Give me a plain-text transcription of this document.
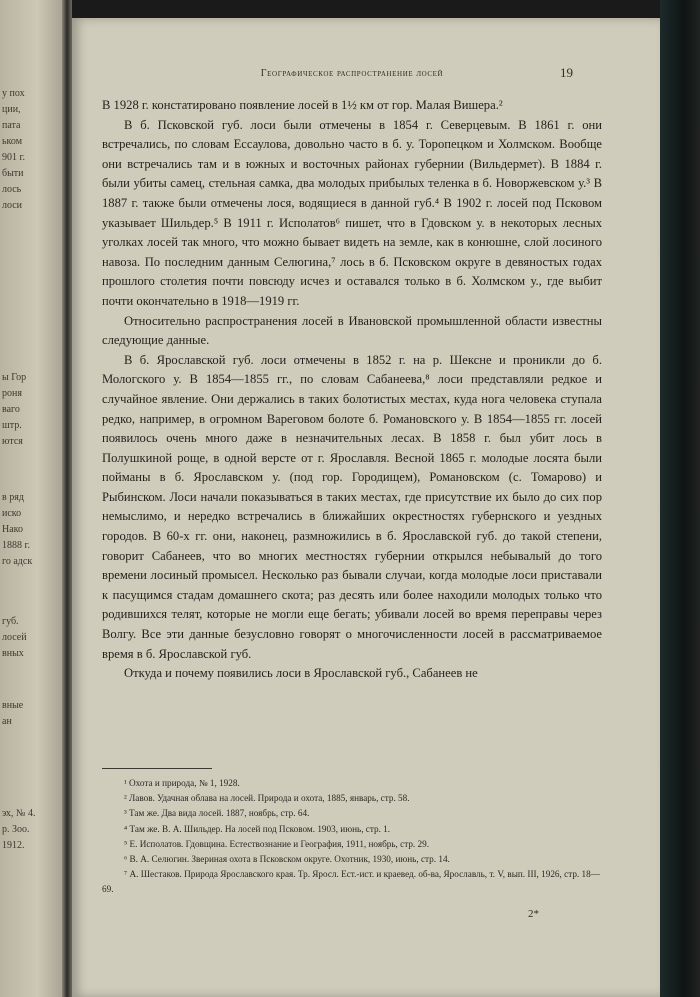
у пох
ции,
пата
ьком
901 г.
быти
лось
лоси
ы Гор
роня
ваго
штр.
ются
в ряд
иско
Нако
1888 г.
го адск
губ.
лосей
вных
вные
ан
эх, № 4.
р. Зоо.
1912.
Географическое распространение лосей	19

В 1928 г. констатировано появление лосей в 1½ км от гор. Малая Вишера.²

В б. Псковской губ. лоси были отмечены в 1854 г. Северцевым. В 1861 г. они встречались, по словам Ессаулова, довольно часто в б. у. Торопецком и Холмском. Вообще они встречались там и в южных и восточных районах губернии (Вильдермет). В 1884 г. были убиты самец, стельная самка, два молодых прибылых теленка в б. Новоржевском у.³ В 1887 г. также были отмечены лося, водящиеся в данной губ.⁴ В 1902 г. лосей под Псковом указывает Шильдер.⁵ В 1911 г. Исполатов⁶ пишет, что в Гдовском у. в некоторых лесных уголках лосей так много, что можно бывает видеть на земле, как в конюшне, слой лосиного навоза. По последним данным Селюгина,⁷ лось в б. Псковском округе в девяностых годах прошлого столетия почти повсюду исчез и оставался только в б. Холмском у., где выбит почти окончательно в 1918—1919 гг.

Относительно распространения лосей в Ивановской промышленной области известны следующие данные.

В б. Ярославской губ. лоси отмечены в 1852 г. на р. Шексне и проникли до б. Мологского у. В 1854—1855 гг., по словам Сабанеева,⁸ лоси представляли редкое и случайное явление. Они держались в таких болотистых местах, куда нога человека ступала редко, например, в огромном Вареговом болоте б. Романовского у. В 1854—1855 гг. лосей появилось очень много даже в незначительных лесах. В 1858 г. был убит лось в Полушкиной роще, в одной версте от г. Ярославля. Весной 1865 г. молодые лосята были пойманы в б. Ярославском у. (под гор. Городищем), Романовском (с. Томарово) и Рыбинском. Лоси начали показываться в таких местах, где присутствие их было до сих пор немыслимо, и нередко встречались в ближайших окрестностях губернского и уездных городов. В 60-х гг. они, наконец, размножились в б. Ярославской губ. до такой степени, говорит Сабанеев, что во многих местностях губернии открылся небывалый до того времени лосиный промысел. Несколько раз бывали случаи, когда молодые лоси приставали к пасущимся стадам домашнего скота; раз десять или более находили молодых только что родившихся телят, которые не могли еще бегать; убивали лосей во время переправы через Волгу. Все эти данные безусловно говорят о многочисленности лосей в рассматриваемое время в б. Ярославской губ.

Откуда и почему появились лоси в Ярославской губ., Сабанеев не

¹ Охота и природа, № 1, 1928.
² Лавов. Удачная облава на лосей. Природа и охота, 1885, январь, стр. 58.
³ Там же. Два вида лосей. 1887, ноябрь, стр. 64.
⁴ Там же. В. А. Шильдер. На лосей под Псковом. 1903, июнь, стр. 1.
⁵ Е. Исполатов. Гдовщина. Естествознание и География, 1911, ноябрь, стр. 29.
⁶ В. А. Селюгин. Звериная охота в Псковском округе. Охотник, 1930, июнь, стр. 14.
⁷ А. Шестаков. Природа Ярославского края. Тр. Яросл. Ест.-ист. и краевед. об-ва, Ярославль, т. V, вып. III, 1926, стр. 18—69.
2*
